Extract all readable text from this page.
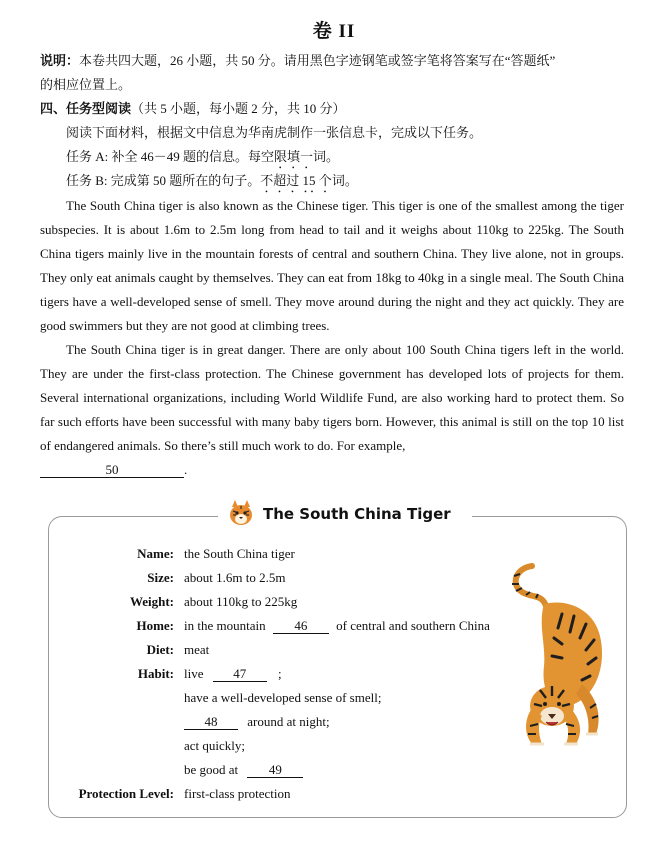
卷 II
说明：本卷共四大题，26 小题，共 50 分。请用黑色字迹钢笔或签字笔将答案写在“答题纸”
的相应位置上。
四、任务型阅读（共 5 小题，每小题 2 分，共 10 分）
阅读下面材料，根据文中信息为华南虎制作一张信息卡，完成以下任务。
任务 A: 补全 46－49 题的信息。每空限填一词。
任务 B: 完成第 50 题所在的句子。不超过 15 个词。
The South China tiger is also known as the Chinese tiger. This tiger is one of the smallest among the tiger subspecies. It is about 1.6m to 2.5m long from head to tail and it weighs about 110kg to 225kg. The South China tigers mainly live in the mountain forests of central and southern China. They live alone, not in groups. They only eat animals caught by themselves. They can eat from 18kg to 40kg in a single meal. The South China tigers have a well-developed sense of smell. They move around during the night and they act quickly. They are good swimmers but they are not good at climbing trees.
The South China tiger is in great danger. There are only about 100 South China tigers left in the world. They are under the first-class protection. The Chinese government has developed lots of projects for them. Several international organizations, including World Wildlife Fund, are also working hard to protect them. So far such efforts have been successful with many baby tigers born. However, this animal is still on the top 10 list of endangered animals. So there’s still much work to do. For example,
50	.
The South China Tiger
Name: the South China tiger
Size: about 1.6m to 2.5m
Weight: about 110kg to 225kg
Home: in the mountain 46 of central and southern China
Diet: meat
Habit: live 47 ;
have a well-developed sense of smell;
48 around at night;
act quickly;
be good at 49
Protection Level: first-class protection
